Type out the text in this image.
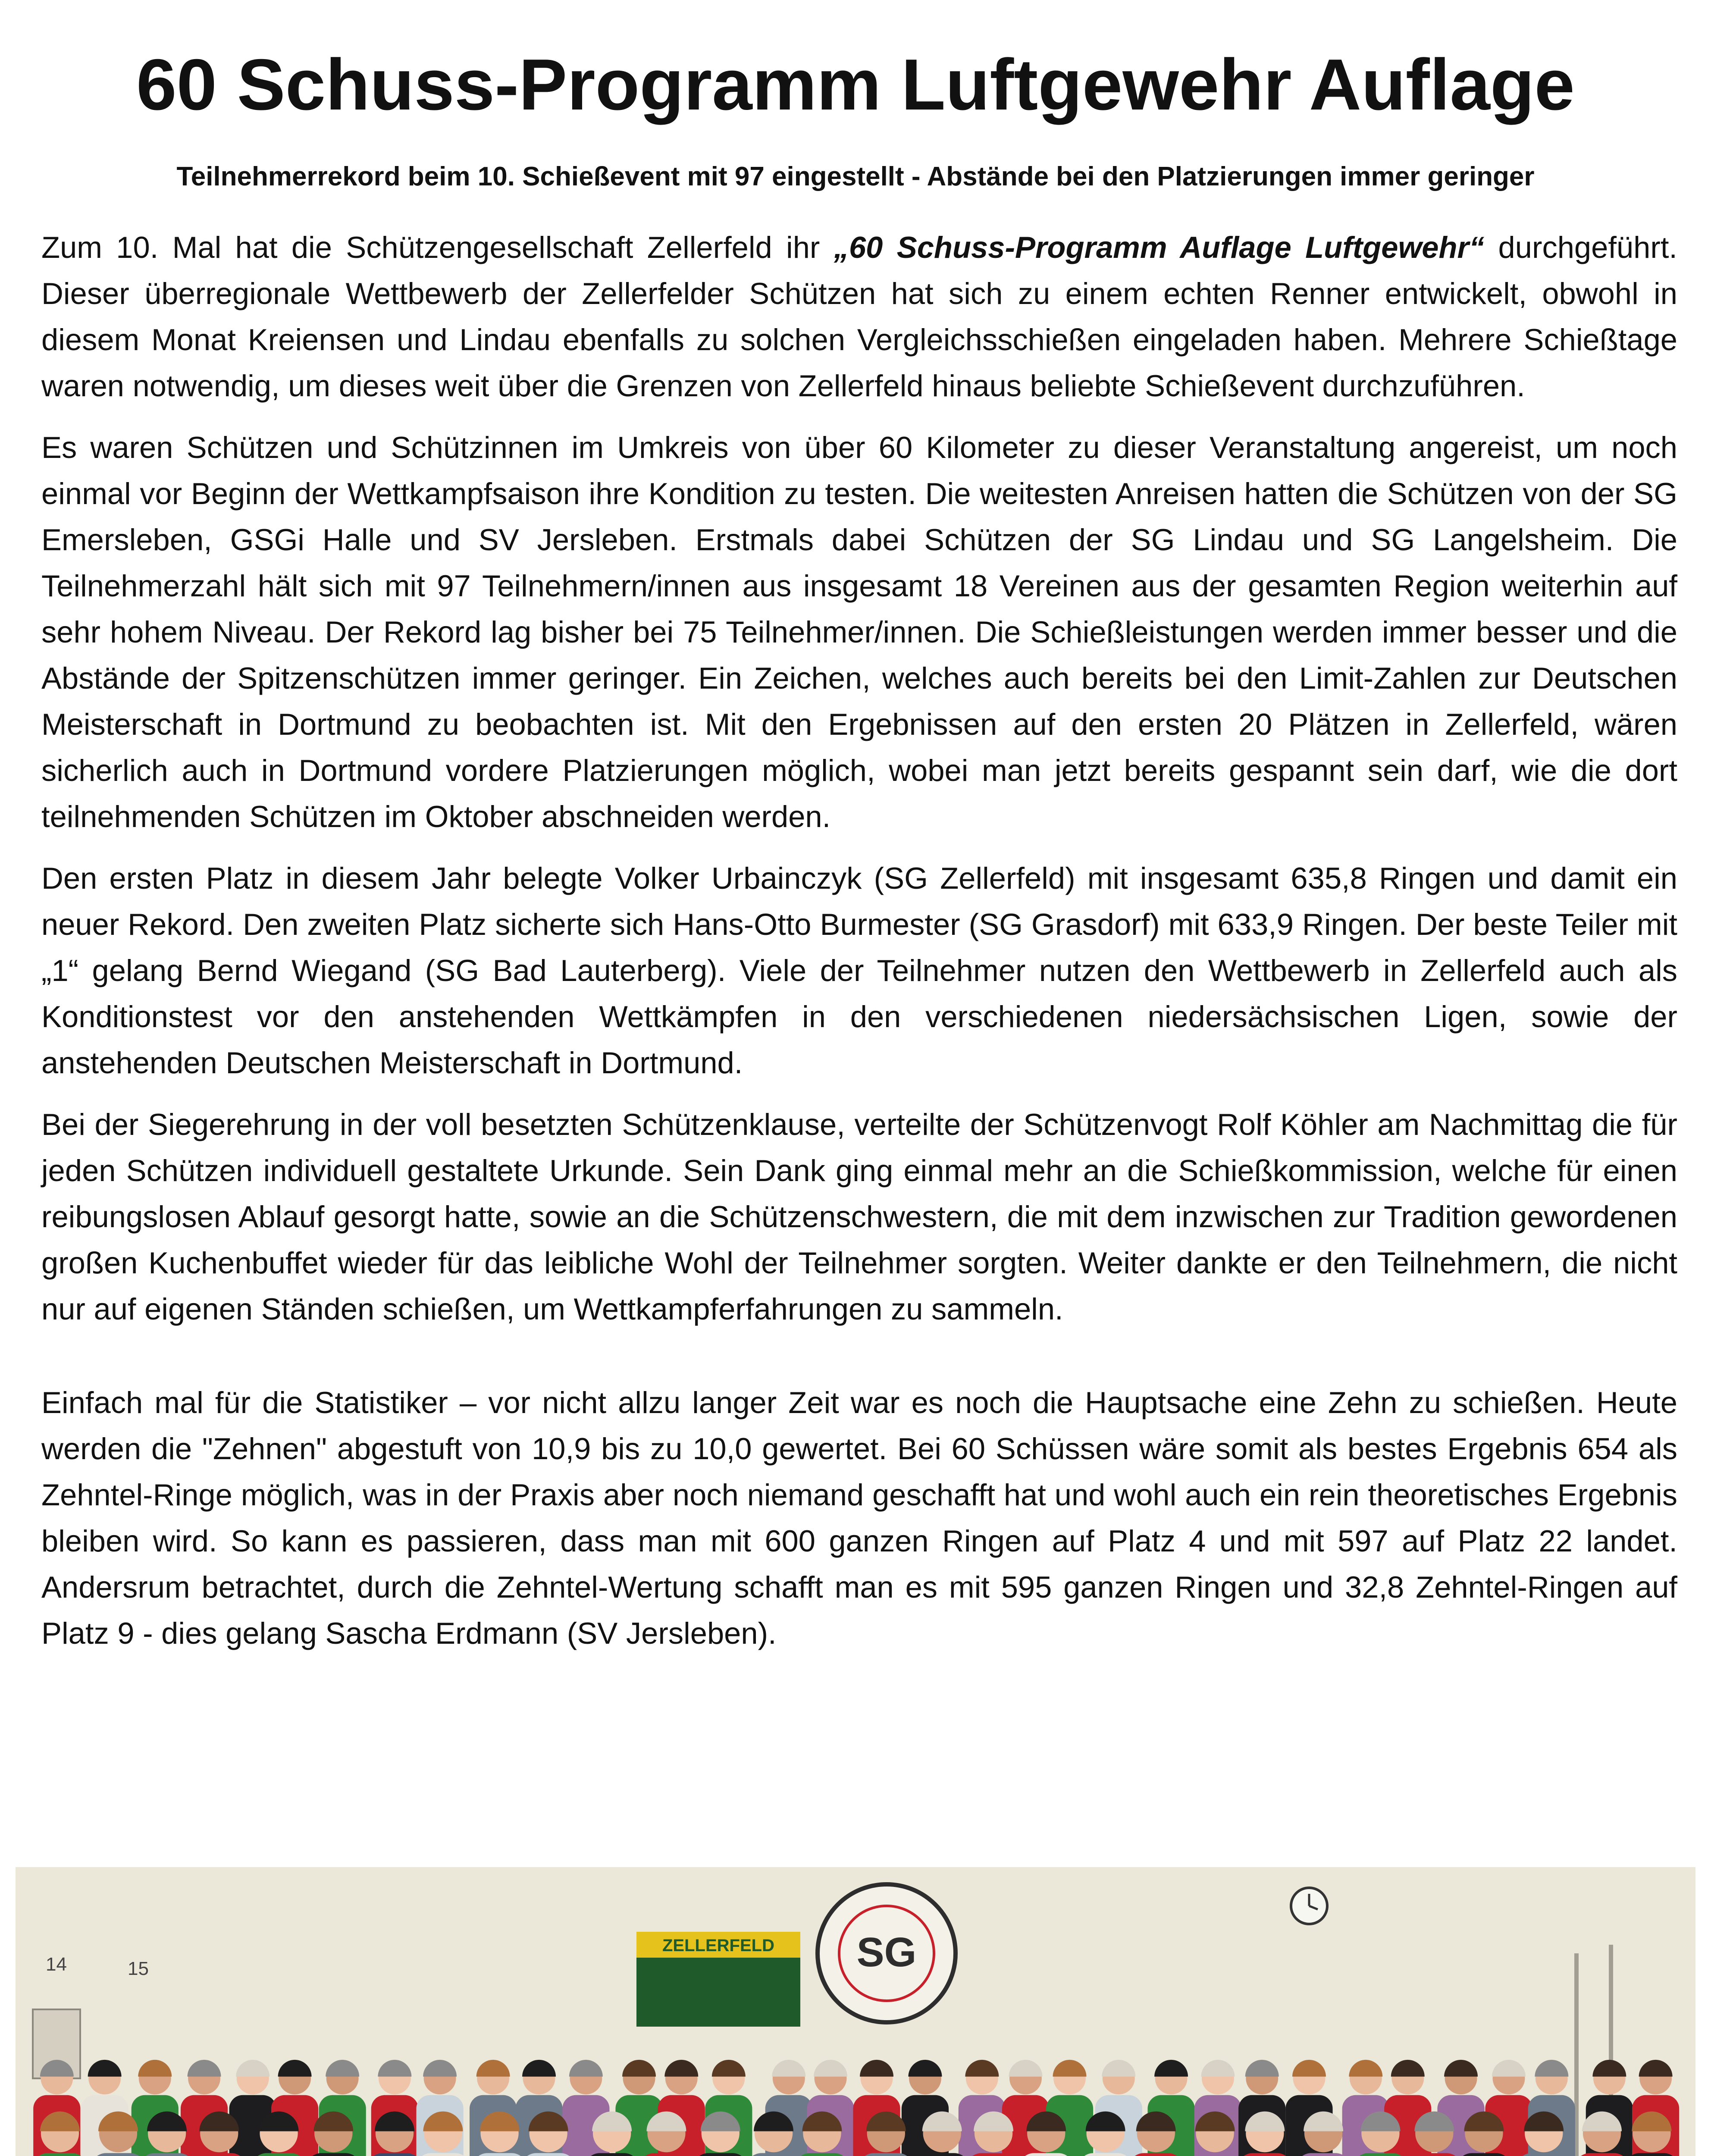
60 Schuss-Programm Luftgewehr Auflage
Teilnehmerrekord beim 10. Schießevent mit 97 eingestellt - Abstände bei den Platzierungen immer geringer

Zum 10. Mal hat die Schützengesellschaft Zellerfeld ihr „60 Schuss-Programm Auflage Luftgewehr“ durchgeführt. Dieser überregionale Wettbewerb der Zellerfelder Schützen hat sich zu einem echten Renner entwickelt, obwohl in diesem Monat Kreiensen und Lindau ebenfalls zu solchen Vergleichsschießen eingeladen haben. Mehrere Schießtage waren notwendig, um dieses weit über die Grenzen von Zellerfeld hinaus beliebte Schießevent durchzuführen.

Es waren Schützen und Schützinnen im Umkreis von über 60 Kilometer zu dieser Veranstaltung angereist, um noch einmal vor Beginn der Wettkampfsaison ihre Kondition zu testen. Die weitesten Anreisen hatten die Schützen von der SG Emersleben, GSGi Halle und SV Jersleben. Erstmals dabei Schützen der SG Lindau und SG Langelsheim. Die Teilnehmerzahl hält sich mit 97 Teilnehmern/innen aus insgesamt 18 Vereinen aus der gesamten Region weiterhin auf sehr hohem Niveau. Der Rekord lag bisher bei 75 Teilnehmer/innen. Die Schießleistungen werden immer besser und die Abstände der Spitzenschützen immer geringer. Ein Zeichen, welches auch bereits bei den Limit-Zahlen zur Deutschen Meisterschaft in Dortmund zu beobachten ist. Mit den Ergebnissen auf den ersten 20 Plätzen in Zellerfeld, wären sicherlich auch in Dortmund vordere Platzierungen möglich, wobei man jetzt bereits gespannt sein darf, wie die dort teilnehmenden Schützen im Oktober abschneiden werden.

Den ersten Platz in diesem Jahr belegte Volker Urbainczyk (SG Zellerfeld) mit insgesamt 635,8 Ringen und damit ein neuer Rekord. Den zweiten Platz sicherte sich Hans-Otto Burmester (SG Grasdorf) mit 633,9 Ringen. Der beste Teiler mit „1“ gelang Bernd Wiegand (SG Bad Lauterberg). Viele der Teilnehmer nutzen den Wettbewerb in Zellerfeld auch als Konditionstest vor den anstehenden Wettkämpfen in den verschiedenen niedersächsischen Ligen, sowie der anstehenden Deutschen Meisterschaft in Dortmund.

Bei der Siegerehrung in der voll besetzten Schützenklause, verteilte der Schützenvogt Rolf Köhler am Nachmittag die für jeden Schützen individuell gestaltete Urkunde. Sein Dank ging einmal mehr an die Schießkommission, welche für einen reibungslosen Ablauf gesorgt hatte, sowie an die Schützenschwestern, die mit dem inzwischen zur Tradition gewordenen großen Kuchenbuffet wieder für das leibliche Wohl der Teilnehmer sorgten. Weiter dankte er den Teilnehmern, die nicht nur auf eigenen Ständen schießen, um Wettkampferfahrungen zu sammeln.

Einfach mal für die Statistiker – vor nicht allzu langer Zeit war es noch die Hauptsache eine Zehn zu schießen. Heute werden die "Zehnen" abgestuft von 10,9 bis zu 10,0 gewertet. Bei 60 Schüssen wäre somit als bestes Ergebnis 654 als Zehntel-Ringe möglich, was in der Praxis aber noch niemand geschafft hat und wohl auch ein rein theoretisches Ergebnis bleiben wird. So kann es passieren, dass man mit 600 ganzen Ringen auf Platz 4 und mit 597 auf Platz 22 landet. Andersrum betrachtet, durch die Zehntel-Wertung schafft man es mit 595 ganzen Ringen und 32,8 Zehntel-Ringen auf Platz 9 - dies gelang Sascha Erdmann (SV Jersleben).

14	15
ZELLERFELD SG
